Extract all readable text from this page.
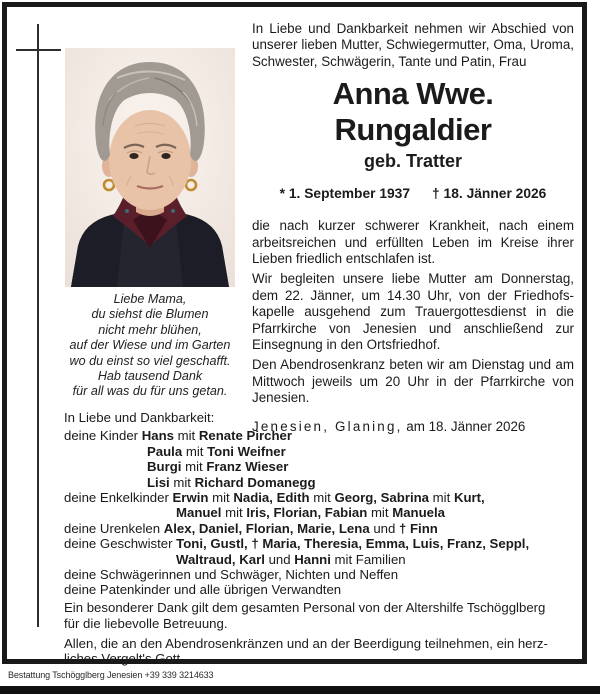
Liebe Mama,
du siehst die Blumen
nicht mehr blühen,
auf der Wiese und im Garten
wo du einst so viel geschafft.
Hab tausend Dank
für all was du für uns getan.

In Liebe und Dankbarkeit nehmen wir Abschied von unserer lieben Mutter, Schwiegermutter, Oma, Uroma, Schwester, Schwägerin, Tante und Patin, Frau

Anna Wwe. Rungaldier
geb. Tratter
* 1. September 1937 † 18. Jänner 2026

die nach kurzer schwerer Krankheit, nach einem arbeitsreichen und erfüllten Leben im Kreise ihrer Lieben friedlich entschlafen ist.

Wir begleiten unsere liebe Mutter am Donnerstag, dem 22. Jänner, um 14.30 Uhr, von der Friedhofskapelle ausgehend zum Trauergottesdienst in die Pfarrkirche von Jenesien und anschließend zur Einsegnung in den Ortsfriedhof.

Den Abendrosenkranz beten wir am Dienstag und am Mittwoch jeweils um 20 Uhr in der Pfarrkirche von Jenesien.

Jenesien, Glaning, am 18. Jänner 2026
In Liebe und Dankbarkeit:
deine Kinder Hans mit Renate Pircher
Paula mit Toni Weifner
Burgi mit Franz Wieser
Lisi mit Richard Domanegg
deine Enkelkinder Erwin mit Nadia, Edith mit Georg, Sabrina mit Kurt,
Manuel mit Iris, Florian, Fabian mit Manuela
deine Urenkelen Alex, Daniel, Florian, Marie, Lena und † Finn
deine Geschwister Toni, Gustl, † Maria, Theresia, Emma, Luis, Franz, Seppl,
Waltraud, Karl und Hanni mit Familien
deine Schwägerinnen und Schwäger, Nichten und Neffen
deine Patenkinder und alle übrigen Verwandten
Ein besonderer Dank gilt dem gesamten Personal von der Altershilfe Tschögglberg
für die liebevolle Betreuung.
Allen, die an den Abendrosenkränzen und an der Beerdigung teilnehmen, ein herz-
liches Vergelt's Gott.
Bestattung Tschögglberg Jenesien +39 339 3214633
